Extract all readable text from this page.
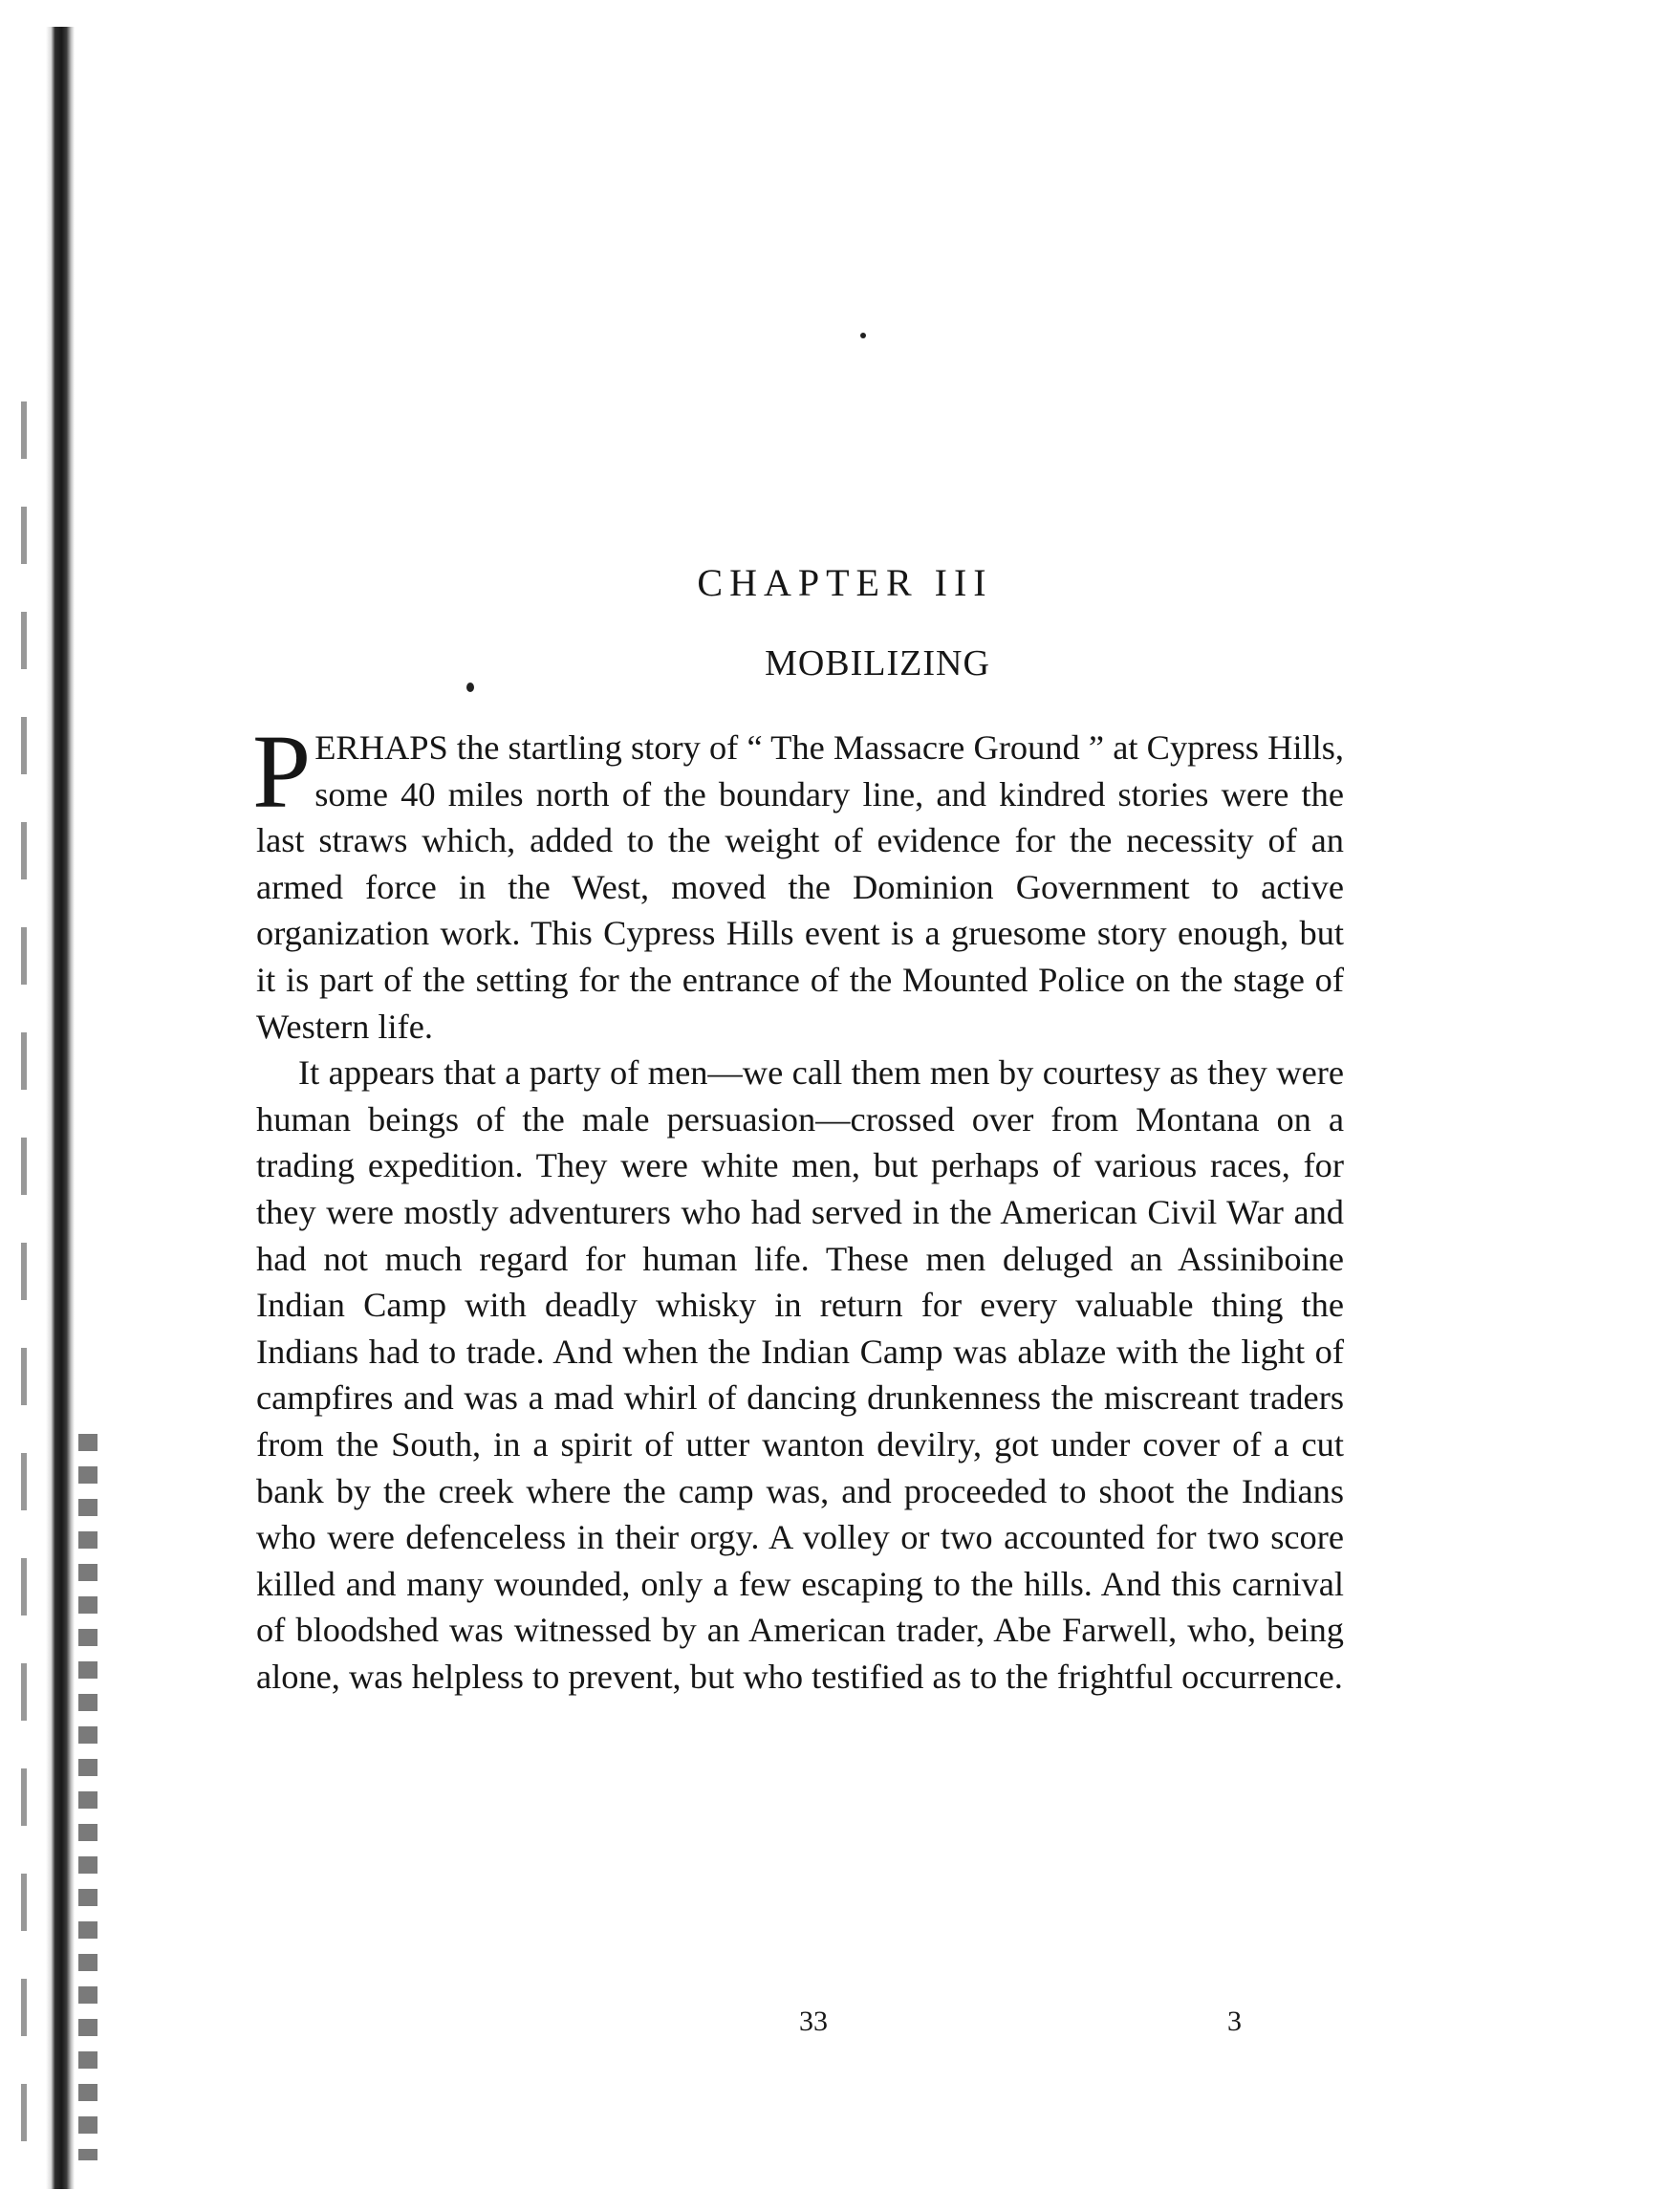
CHAPTER III
MOBILIZING

PERHAPS the startling story of “ The Massacre Ground ” at Cypress Hills, some 40 miles north of the boundary line, and kindred stories were the last straws which, added to the weight of evidence for the necessity of an armed force in the West, moved the Dominion Government to active organization work. This Cypress Hills event is a gruesome story enough, but it is part of the setting for the entrance of the Mounted Police on the stage of Western life.

It appears that a party of men—we call them men by courtesy as they were human beings of the male persuasion—crossed over from Montana on a trading expedition. They were white men, but perhaps of various races, for they were mostly adventurers who had served in the American Civil War and had not much regard for human life. These men deluged an Assiniboine Indian Camp with deadly whisky in return for every valuable thing the Indians had to trade. And when the Indian Camp was ablaze with the light of campfires and was a mad whirl of dancing drunkenness the miscreant traders from the South, in a spirit of utter wanton devilry, got under cover of a cut bank by the creek where the camp was, and proceeded to shoot the Indians who were defenceless in their orgy. A volley or two accounted for two score killed and many wounded, only a few escaping to the hills. And this carnival of bloodshed was witnessed by an American trader, Abe Farwell, who, being alone, was helpless to prevent, but who testified as to the frightful occurrence.

33	3
